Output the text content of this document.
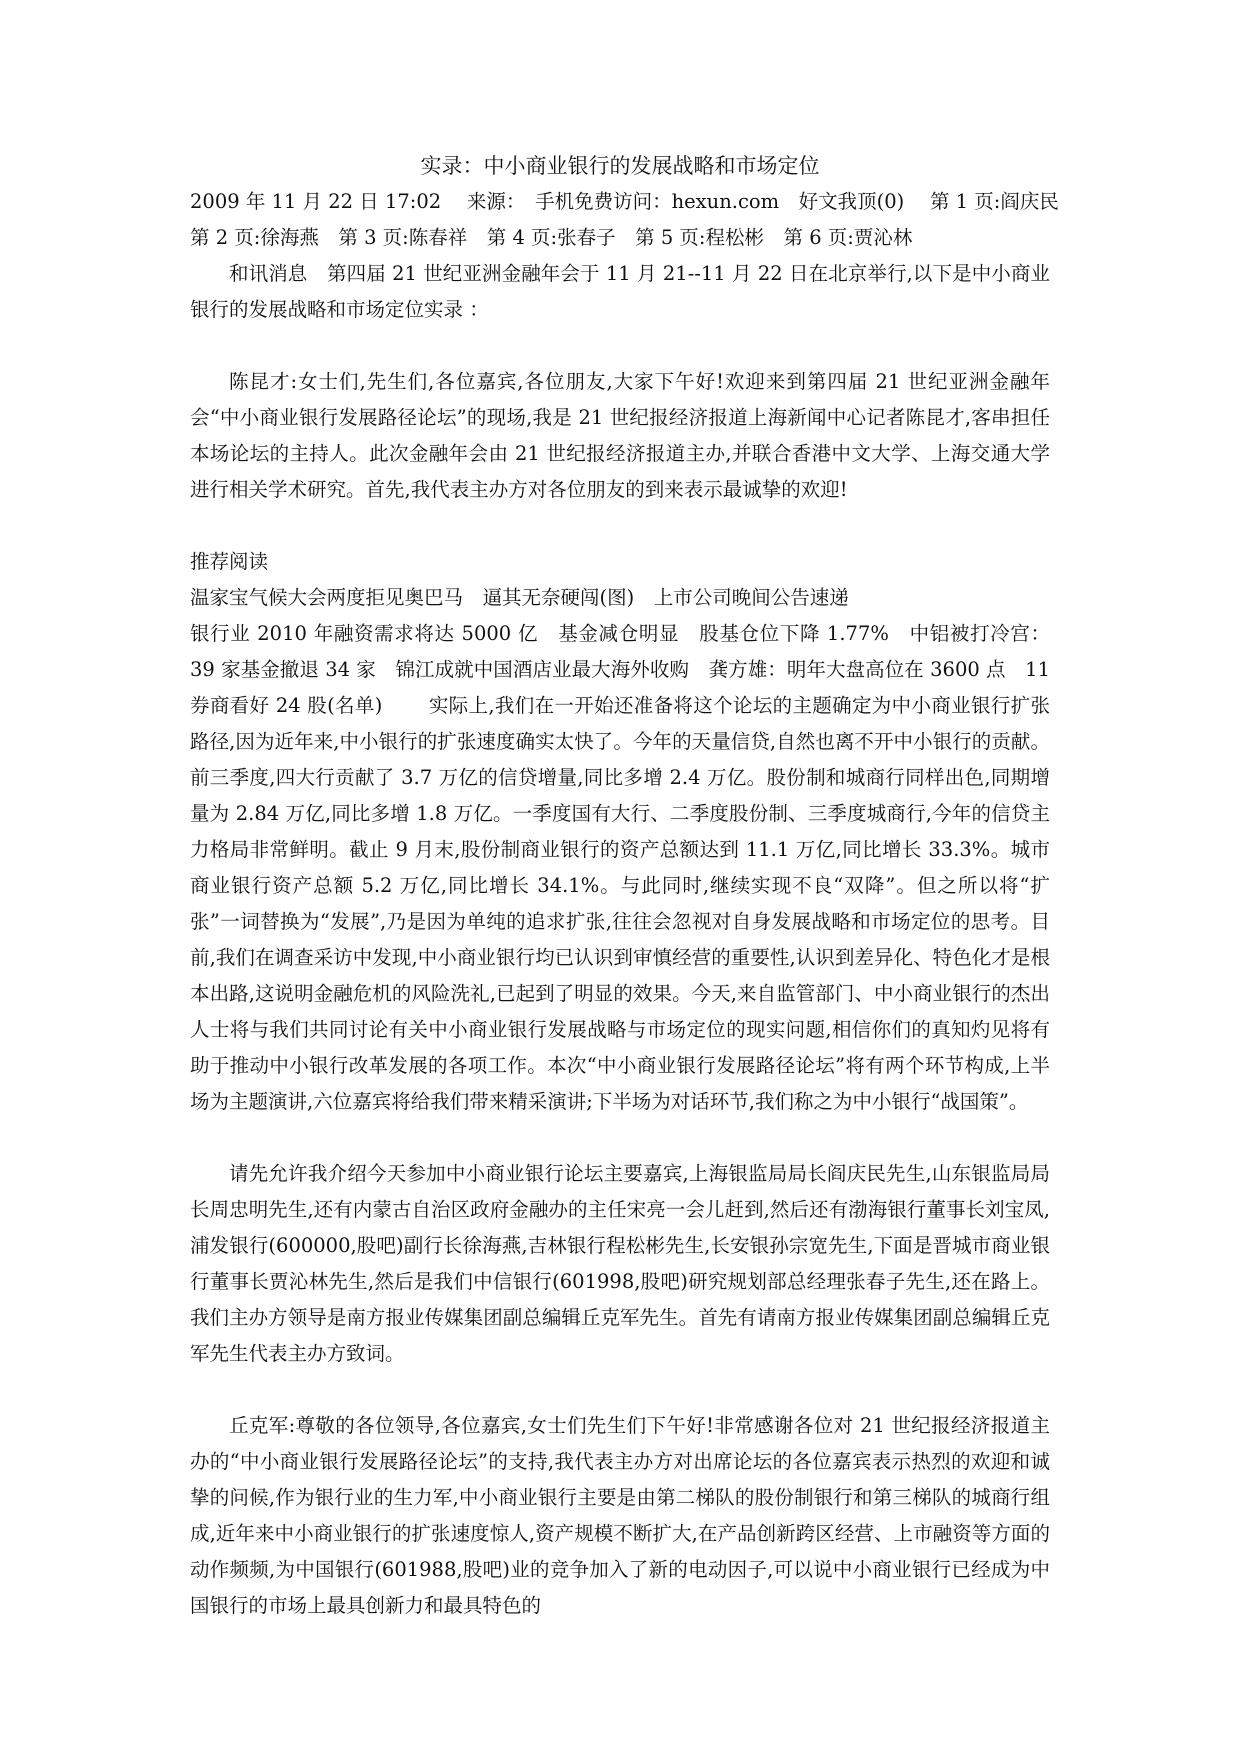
实录：中小商业银行的发展战略和市场定位

2009 年 11 月 22 日 17:02　 来源：　手机免费访问：hexun.com　好文我顶(0)　 第 1 页:阎庆民

第 2 页:徐海燕　第 3 页:陈春祥　第 4 页:张春子　第 5 页:程松彬　第 6 页:贾沁林

和讯消息　第四届 21 世纪亚洲金融年会于 11 月 21--11 月 22 日在北京举行,以下是中小商业银行的发展战略和市场定位实录 ：

陈昆才:女士们,先生们,各位嘉宾,各位朋友,大家下午好!欢迎来到第四届 21 世纪亚洲金融年会“中小商业银行发展路径论坛”的现场,我是 21 世纪报经济报道上海新闻中心记者陈昆才,客串担任本场论坛的主持人。此次金融年会由 21 世纪报经济报道主办,并联合香港中文大学、上海交通大学进行相关学术研究。首先,我代表主办方对各位朋友的到来表示最诚挚的欢迎!

推荐阅读

温家宝气候大会两度拒见奥巴马　逼其无奈硬闯(图)　上市公司晚间公告速递

银行业 2010 年融资需求将达 5000 亿　基金减仓明显　股基仓位下降 1.77%　中铝被打冷宫：39 家基金撤退 34 家　锦江成就中国酒店业最大海外收购　龚方雄：明年大盘高位在 3600 点　11 券商看好 24 股(名单)　　 实际上,我们在一开始还准备将这个论坛的主题确定为中小商业银行扩张路径,因为近年来,中小银行的扩张速度确实太快了。今年的天量信贷,自然也离不开中小银行的贡献。前三季度,四大行贡献了 3.7 万亿的信贷增量,同比多增 2.4 万亿。股份制和城商行同样出色,同期增量为 2.84 万亿,同比多增 1.8 万亿。一季度国有大行、二季度股份制、三季度城商行,今年的信贷主力格局非常鲜明。截止 9 月末,股份制商业银行的资产总额达到 11.1 万亿,同比增长 33.3%。城市商业银行资产总额 5.2 万亿,同比增长 34.1%。与此同时,继续实现不良“双降”。但之所以将“扩张”一词替换为“发展”,乃是因为单纯的追求扩张,往往会忽视对自身发展战略和市场定位的思考。目前,我们在调查采访中发现,中小商业银行均已认识到审慎经营的重要性,认识到差异化、特色化才是根本出路,这说明金融危机的风险洗礼,已起到了明显的效果。今天,来自监管部门、中小商业银行的杰出人士将与我们共同讨论有关中小商业银行发展战略与市场定位的现实问题,相信你们的真知灼见将有助于推动中小银行改革发展的各项工作。本次“中小商业银行发展路径论坛”将有两个环节构成,上半场为主题演讲,六位嘉宾将给我们带来精采演讲;下半场为对话环节,我们称之为中小银行“战国策”。

请先允许我介绍今天参加中小商业银行论坛主要嘉宾,上海银监局局长阎庆民先生,山东银监局局长周忠明先生,还有内蒙古自治区政府金融办的主任宋亮一会儿赶到,然后还有渤海银行董事长刘宝凤,浦发银行(600000,股吧)副行长徐海燕,吉林银行程松彬先生,长安银孙宗宽先生,下面是晋城市商业银行董事长贾沁林先生,然后是我们中信银行(601998,股吧)研究规划部总经理张春子先生,还在路上。我们主办方领导是南方报业传媒集团副总编辑丘克军先生。首先有请南方报业传媒集团副总编辑丘克军先生代表主办方致词。

丘克军:尊敬的各位领导,各位嘉宾,女士们先生们下午好!非常感谢各位对 21 世纪报经济报道主办的“中小商业银行发展路径论坛”的支持,我代表主办方对出席论坛的各位嘉宾表示热烈的欢迎和诚挚的问候,作为银行业的生力军,中小商业银行主要是由第二梯队的股份制银行和第三梯队的城商行组成,近年来中小商业银行的扩张速度惊人,资产规模不断扩大,在产品创新跨区经营、上市融资等方面的动作频频,为中国银行(601988,股吧)业的竞争加入了新的电动因子,可以说中小商业银行已经成为中国银行的市场上最具创新力和最具特色的
